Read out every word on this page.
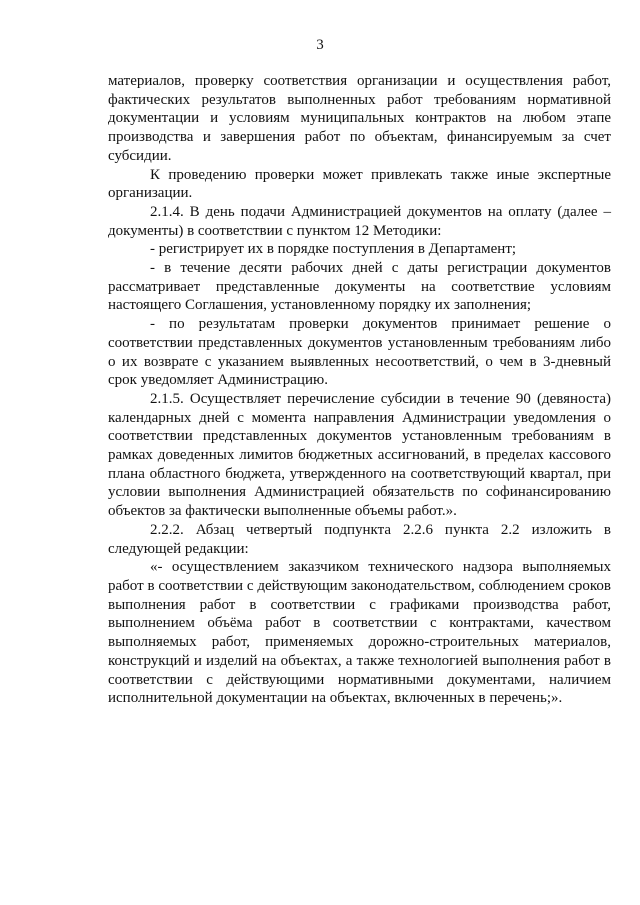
3

материалов, проверку соответствия организации и осуществления работ, фактических результатов выполненных работ требованиям нормативной документации и условиям муниципальных контрактов на любом этапе производства и завершения работ по объектам, финансируемым за счет субсидии.

К проведению проверки может привлекать также иные экспертные организации.

2.1.4. В день подачи Администрацией документов на оплату (далее – документы) в соответствии с пунктом 12 Методики:

- регистрирует их в порядке поступления в Департамент;

- в течение десяти рабочих дней с даты регистрации документов рассматривает представленные документы на соответствие условиям настоящего Соглашения, установленному порядку их заполнения;

- по результатам проверки документов принимает решение о соответствии представленных документов установленным требованиям либо о их возврате с указанием выявленных несоответствий, о чем в 3-дневный срок уведомляет Администрацию.

2.1.5. Осуществляет перечисление субсидии в течение 90 (девяноста) календарных дней с момента направления Администрации уведомления о соответствии представленных документов установленным требованиям в рамках доведенных лимитов бюджетных ассигнований, в пределах кассового плана областного бюджета, утвержденного на соответствующий квартал, при условии выполнения Администрацией обязательств по софинансированию объектов за фактически выполненные объемы работ.».

2.2.2. Абзац четвертый подпункта 2.2.6 пункта 2.2 изложить в следующей редакции:

«- осуществлением заказчиком технического надзора выполняемых работ в соответствии с действующим законодательством, соблюдением сроков выполнения работ в соответствии с графиками производства работ, выполнением объёма работ в соответствии с контрактами, качеством выполняемых работ, применяемых дорожно-строительных материалов, конструкций и изделий на объектах, а также технологией выполнения работ в соответствии с действующими нормативными документами, наличием исполнительной документации на объектах, включенных в перечень;».
